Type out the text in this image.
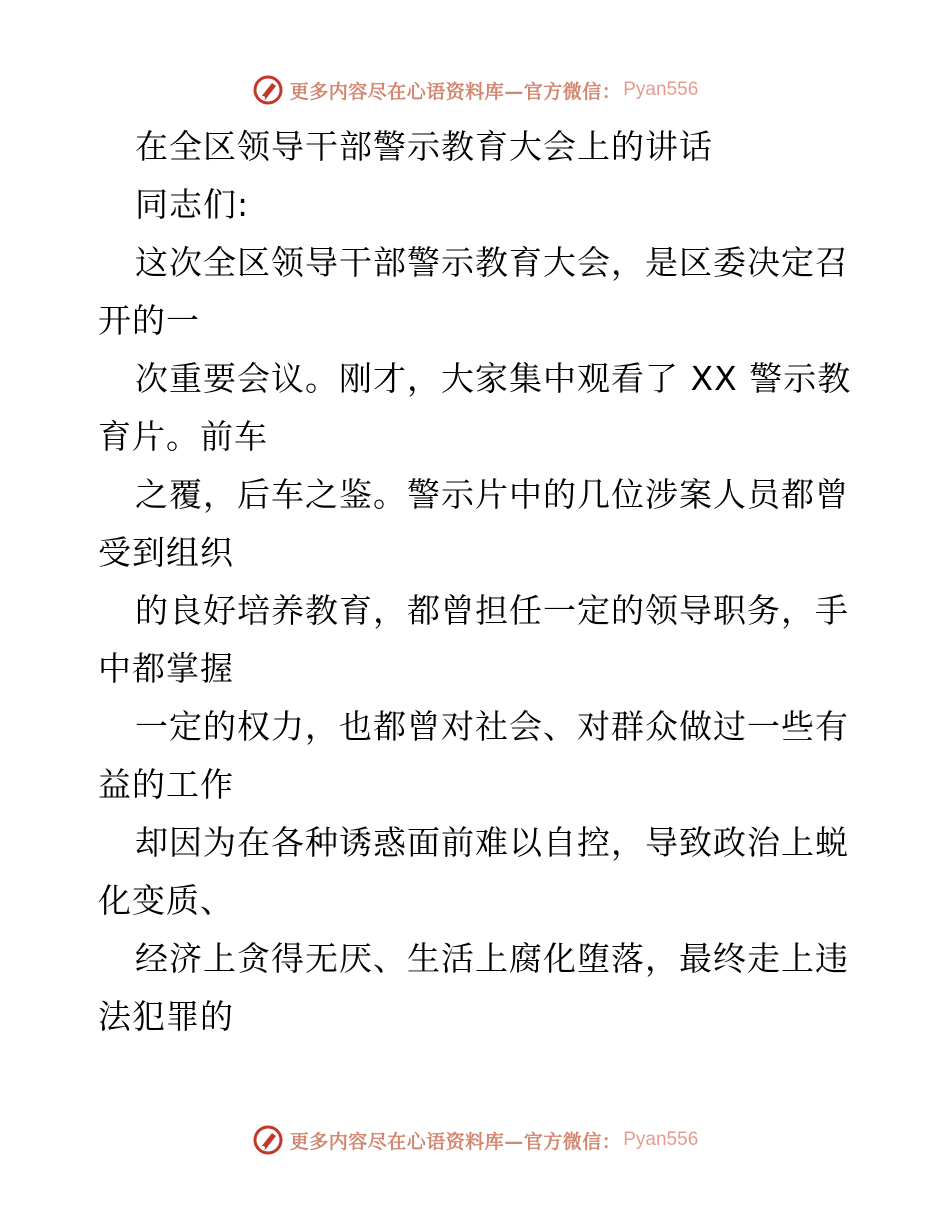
更多内容尽在心语资料库—官方微信： Pyan556
在全区领导干部警示教育大会上的讲话
同志们:
这次全区领导干部警示教育大会，是区委决定召
开的一
次重要会议。刚才，大家集中观看了 XX 警示教
育片。前车
之覆，后车之鉴。警示片中的几位涉案人员都曾
受到组织
的良好培养教育，都曾担任一定的领导职务，手
中都掌握
一定的权力，也都曾对社会、对群众做过一些有
益的工作
却因为在各种诱惑面前难以自控，导致政治上蜕
化变质、
经济上贪得无厌、生活上腐化堕落，最终走上违
法犯罪的
更多内容尽在心语资料库—官方微信： Pyan556
